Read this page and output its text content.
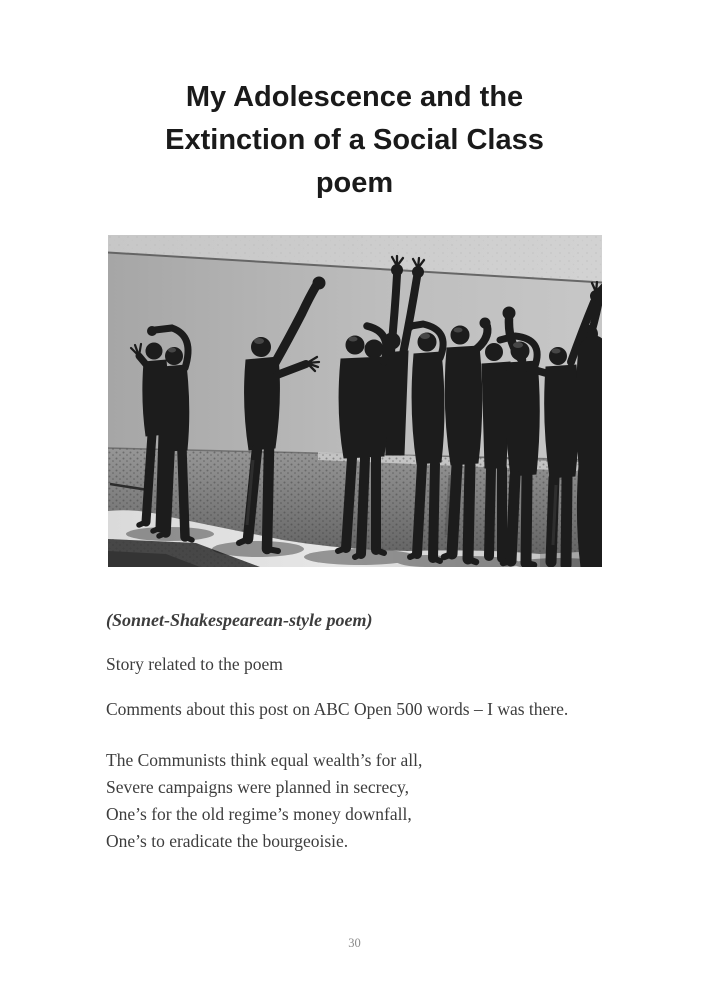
My Adolescence and the
Extinction of a Social Class
poem

(Sonnet-Shakespearean-style poem)

Story related to the poem

Comments about this post on ABC Open 500 words – I was there.

The Communists think equal wealth’s for all,
Severe campaigns were planned in secrecy,
One’s for the old regime’s money downfall,
One’s to eradicate the bourgeoisie.

30
